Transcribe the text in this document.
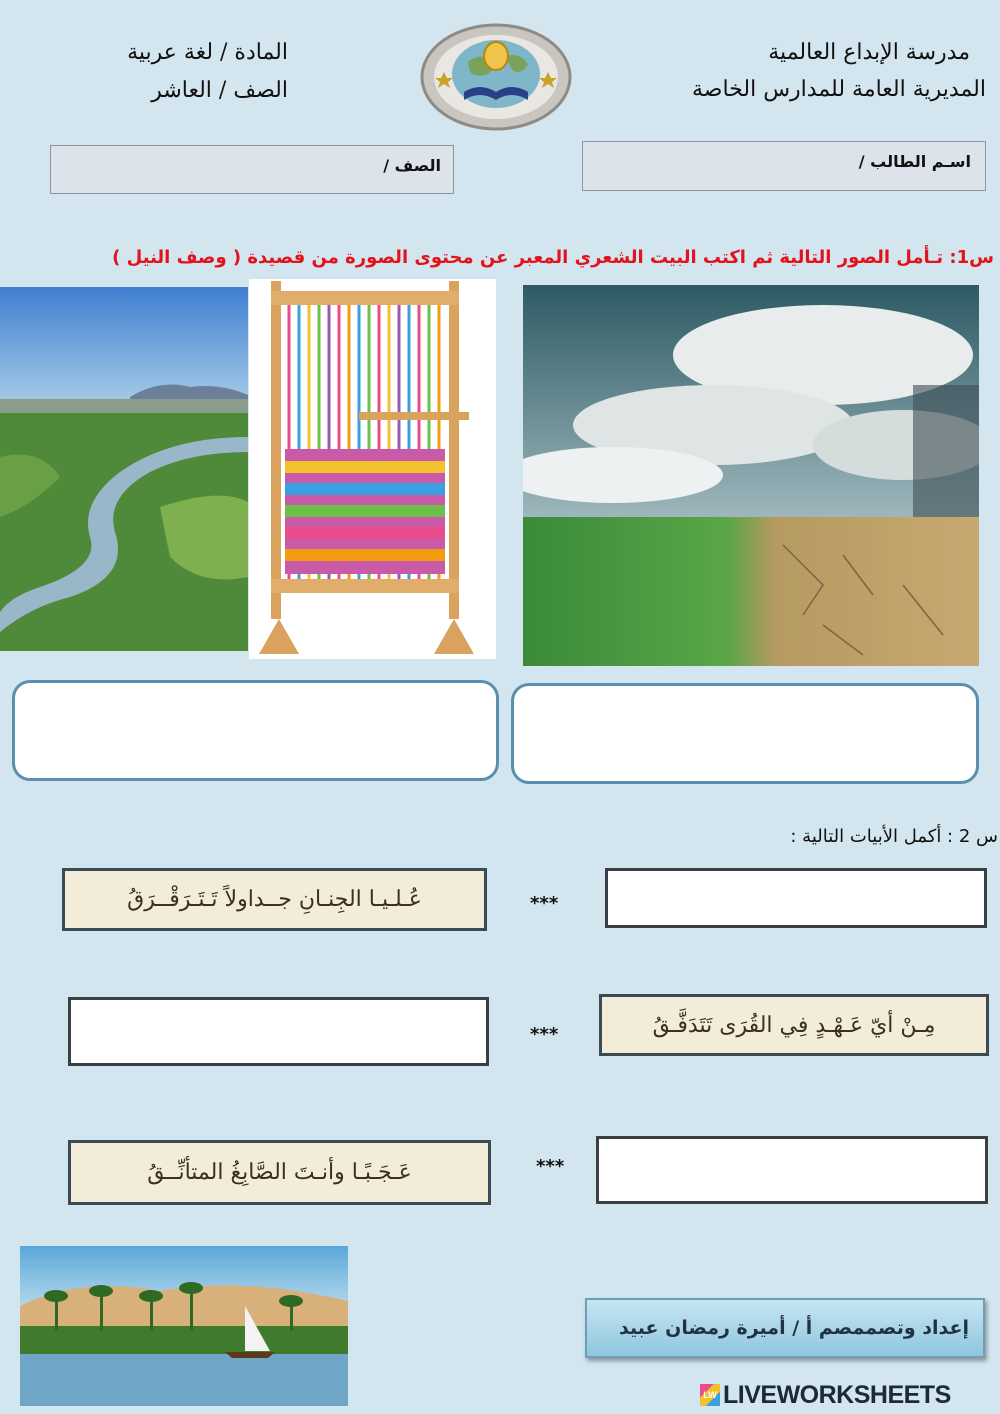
مدرسة الإبداع العالمية
المديرية العامة للمدارس الخاصة
المادة / لغة عربية
الصف / العاشر
اسـم الطالب /
الصف /
س1: تـأمل الصور التالية ثم اكتب البيت الشعري المعبر عن محتوى الصورة من قصيدة ( وصف النيل )
س 2 : أكمل الأبيات التالية :
***
عُـلـيـا الجِنـانِ جــداولاً تَـتَـرَقْــرَقُ
***	مِـنْ أيّ عَـهْـدٍ فِي القُرَى تَتَدَفَّـقُ
***
عَـجَـبًـا وأنـتَ الصَّابِغُ المتأنِّــقُ
إعداد وتصممصم أ / أميرة رمضان عبيد
LW LIVEWORKSHEETS
